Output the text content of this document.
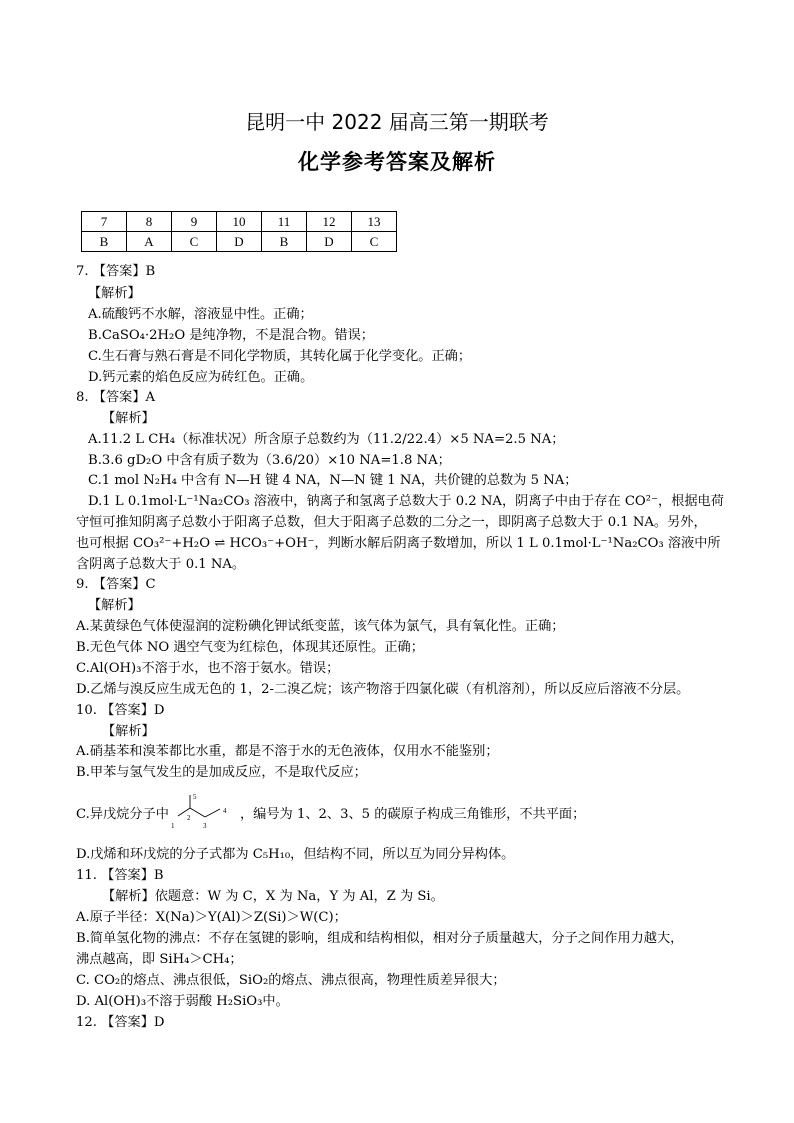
昆明一中 2022 届高三第一期联考
化学参考答案及解析
7	8	9	10	11	12	13
B	A	C	D	B	D	C
7. 【答案】B
【解析】
A.硫酸钙不水解，溶液显中性。正确；
B.CaSO₄·2H₂O 是纯净物，不是混合物。错误；
C.生石膏与熟石膏是不同化学物质，其转化属于化学变化。正确；
D.钙元素的焰色反应为砖红色。正确。
8. 【答案】A
【解析】
A.11.2 L CH₄（标准状况）所含原子总数约为（11.2/22.4）×5 NA=2.5 NA；
B.3.6 gD₂O 中含有质子数为（3.6/20）×10 NA=1.8 NA；
C.1 mol N₂H₄ 中含有 N—H 键 4 NA，N—N 键 1 NA，共价键的总数为 5 NA；
D.1 L 0.1mol·L⁻¹Na₂CO₃ 溶液中，钠离子和氢离子总数大于 0.2 NA，阴离子中由于存在 CO²⁻，根据电荷
守恒可推知阴离子总数小于阳离子总数，但大于阳离子总数的二分之一，即阴离子总数大于 0.1 NA。另外，
也可根据 CO₃²⁻+H₂O ⇌ HCO₃⁻+OH⁻，判断水解后阴离子数增加，所以 1 L 0.1mol·L⁻¹Na₂CO₃ 溶液中所
含阴离子总数大于 0.1 NA。
9. 【答案】C
【解析】
A.某黄绿色气体使湿润的淀粉碘化钾试纸变蓝，该气体为氯气，具有氧化性。正确；
B.无色气体 NO 遇空气变为红棕色，体现其还原性。正确；
C.Al(OH)₃不溶于水，也不溶于氨水。错误；
D.乙烯与溴反应生成无色的 1，2-二溴乙烷；该产物溶于四氯化碳（有机溶剂），所以反应后溶液不分层。
10. 【答案】D
【解析】
A.硝基苯和溴苯都比水重，都是不溶于水的无色液体，仅用水不能鉴别；
B.甲苯与氢气发生的是加成反应，不是取代反应；
C.异戊烷分子中
5
1
2
3
4 ，编号为 1、2、3、5 的碳原子构成三角锥形，不共平面；
D.戊烯和环戊烷的分子式都为 C₅H₁₀，但结构不同，所以互为同分异构体。
11. 【答案】B
【解析】依题意：W 为 C，X 为 Na，Y 为 Al，Z 为 Si。
A.原子半径：X(Na)＞Y(Al)＞Z(Si)＞W(C)；
B.简单氢化物的沸点：不存在氢键的影响，组成和结构相似，相对分子质量越大，分子之间作用力越大，
沸点越高，即 SiH₄＞CH₄；
C. CO₂的熔点、沸点很低，SiO₂的熔点、沸点很高，物理性质差异很大；
D. Al(OH)₃不溶于弱酸 H₂SiO₃中。
12. 【答案】D
